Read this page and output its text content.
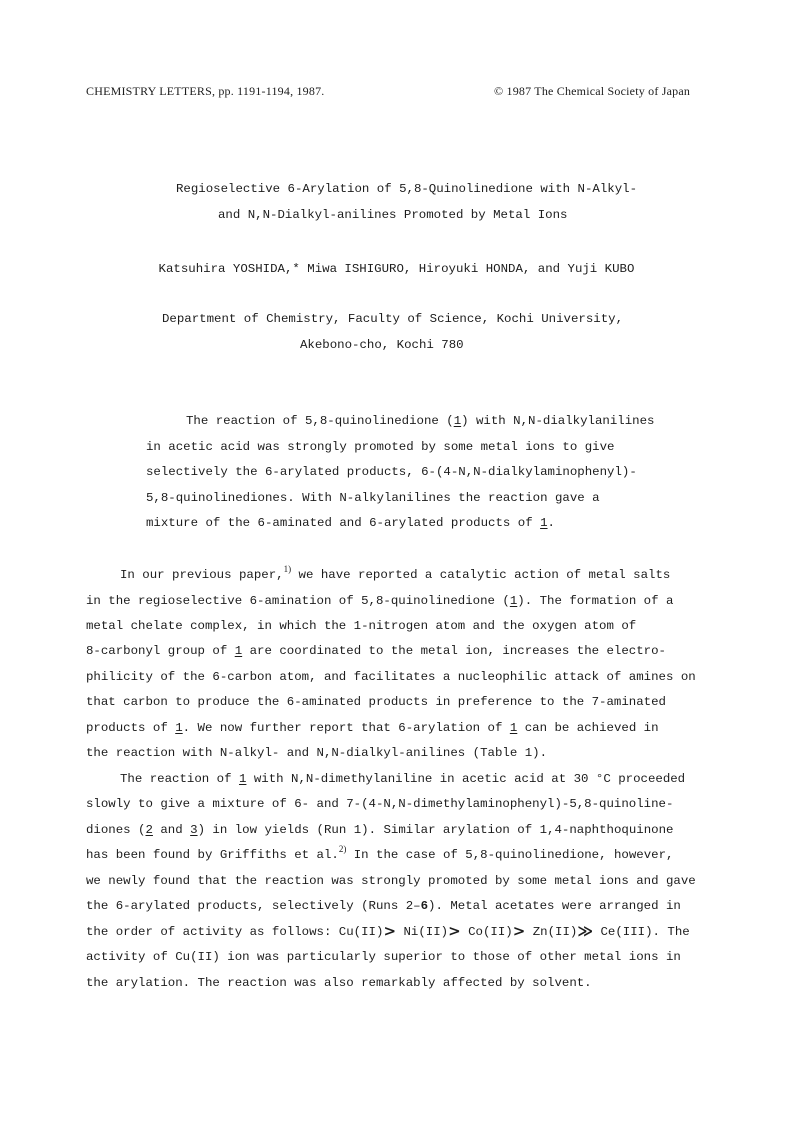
CHEMISTRY LETTERS, pp. 1191-1194, 1987.	© 1987 The Chemical Society of Japan
Regioselective 6-Arylation of 5,8-Quinolinedione with N-Alkyl-
and N,N-Dialkyl-anilines Promoted by Metal Ions
Katsuhira YOSHIDA,* Miwa ISHIGURO, Hiroyuki HONDA, and Yuji KUBO
Department of Chemistry, Faculty of Science, Kochi University,
Akebono-cho, Kochi 780
The reaction of 5,8-quinolinedione (1) with N,N-dialkylanilines
in acetic acid was strongly promoted by some metal ions to give
selectively the 6-arylated products, 6-(4-N,N-dialkylaminophenyl)-
5,8-quinolinediones. With N-alkylanilines the reaction gave a
mixture of the 6-aminated and 6-arylated products of 1.
In our previous paper,$^{1)}$ we have reported a catalytic action of metal salts
in the regioselective 6-amination of 5,8-quinolinedione (1). The formation of a
metal chelate complex, in which the 1-nitrogen atom and the oxygen atom of
8-carbonyl group of 1 are coordinated to the metal ion, increases the electro-
philicity of the 6-carbon atom, and facilitates a nucleophilic attack of amines on
that carbon to produce the 6-aminated products in preference to the 7-aminated
products of 1. We now further report that 6-arylation of 1 can be achieved in
the reaction with N-alkyl- and N,N-dialkyl-anilines (Table 1).
The reaction of 1 with N,N-dimethylaniline in acetic acid at 30 °C proceeded
slowly to give a mixture of 6- and 7-(4-N,N-dimethylaminophenyl)-5,8-quinoline-
diones (2 and 3) in low yields (Run 1). Similar arylation of 1,4-naphthoquinone
has been found by Griffiths et al.$^{2)}$ In the case of 5,8-quinolinedione, however,
we newly found that the reaction was strongly promoted by some metal ions and gave
the 6-arylated products, selectively (Runs 2–6). Metal acetates were arranged in
the order of activity as follows: Cu(II)> Ni(II)> Co(II)> Zn(II)≫ Ce(III). The
activity of Cu(II) ion was particularly superior to those of other metal ions in
the arylation. The reaction was also remarkably affected by solvent.
